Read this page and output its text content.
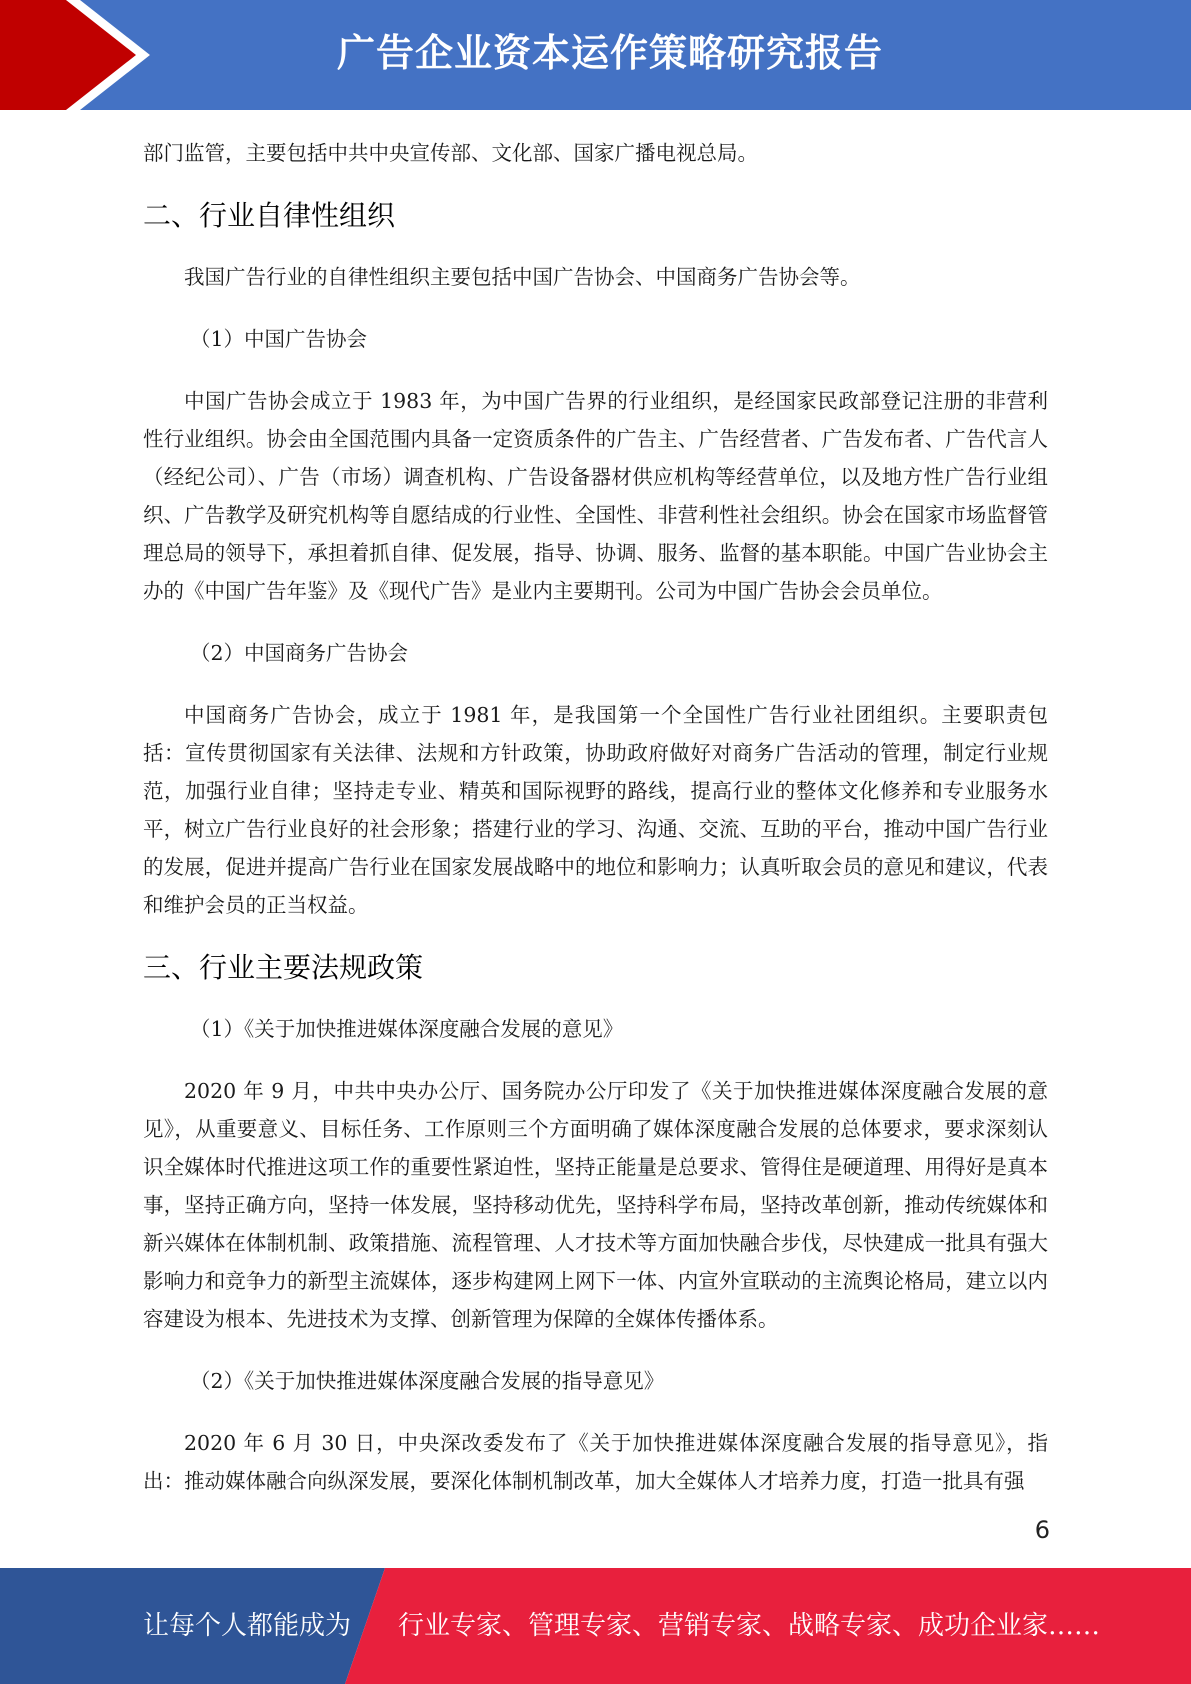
广告企业资本运作策略研究报告

部门监管，主要包括中共中央宣传部、文化部、国家广播电视总局。

二、行业自律性组织

我国广告行业的自律性组织主要包括中国广告协会、中国商务广告协会等。

（1）中国广告协会

中国广告协会成立于 1983 年，为中国广告界的行业组织，是经国家民政部登记注册的非营利性行业组织。协会由全国范围内具备一定资质条件的广告主、广告经营者、广告发布者、广告代言人（经纪公司）、广告（市场）调查机构、广告设备器材供应机构等经营单位，以及地方性广告行业组织、广告教学及研究机构等自愿结成的行业性、全国性、非营利性社会组织。协会在国家市场监督管理总局的领导下，承担着抓自律、促发展，指导、协调、服务、监督的基本职能。中国广告业协会主办的《中国广告年鉴》及《现代广告》是业内主要期刊。公司为中国广告协会会员单位。

（2）中国商务广告协会

中国商务广告协会，成立于 1981 年，是我国第一个全国性广告行业社团组织。主要职责包括：宣传贯彻国家有关法律、法规和方针政策，协助政府做好对商务广告活动的管理，制定行业规范，加强行业自律；坚持走专业、精英和国际视野的路线，提高行业的整体文化修养和专业服务水平，树立广告行业良好的社会形象；搭建行业的学习、沟通、交流、互助的平台，推动中国广告行业的发展，促进并提高广告行业在国家发展战略中的地位和影响力；认真听取会员的意见和建议，代表和维护会员的正当权益。

三、行业主要法规政策

（1）《关于加快推进媒体深度融合发展的意见》

2020 年 9 月，中共中央办公厅、国务院办公厅印发了《关于加快推进媒体深度融合发展的意见》，从重要意义、目标任务、工作原则三个方面明确了媒体深度融合发展的总体要求，要求深刻认识全媒体时代推进这项工作的重要性紧迫性，坚持正能量是总要求、管得住是硬道理、用得好是真本事，坚持正确方向，坚持一体发展，坚持移动优先，坚持科学布局，坚持改革创新，推动传统媒体和新兴媒体在体制机制、政策措施、流程管理、人才技术等方面加快融合步伐，尽快建成一批具有强大影响力和竞争力的新型主流媒体，逐步构建网上网下一体、内宣外宣联动的主流舆论格局，建立以内容建设为根本、先进技术为支撑、创新管理为保障的全媒体传播体系。

（2）《关于加快推进媒体深度融合发展的指导意见》

2020 年 6 月 30 日，中央深改委发布了《关于加快推进媒体深度融合发展的指导意见》，指出：推动媒体融合向纵深发展，要深化体制机制改革，加大全媒体人才培养力度，打造一批具有强

6
让每个人都能成为 行业专家、管理专家、营销专家、战略专家、成功企业家……
